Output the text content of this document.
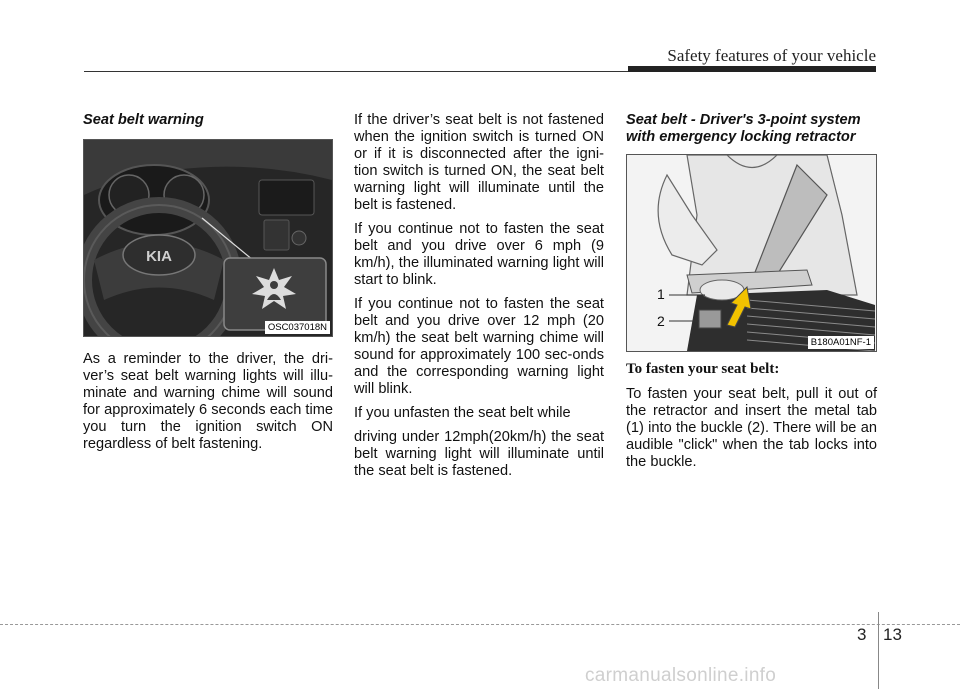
Safety features of your vehicle
Seat belt warning
KIA
OSC037018N

As a reminder to the driver, the dri-ver’s seat belt warning lights will illu-minate and warning chime will sound for approximately 6 seconds each time you turn the ignition switch ON regardless of belt fastening.

If the driver’s seat belt is not fastened when the ignition switch is turned ON or if it is disconnected after the igni-tion switch is turned ON, the seat belt warning light will illuminate until the belt is fastened.

If you continue not to fasten the seat belt and you drive over 6 mph (9 km/h), the illuminated warning light will start to blink.

If you continue not to fasten the seat belt and you drive over 12 mph (20 km/h) the seat belt warning chime will sound for approximately 100 sec-onds and the corresponding warning light will blink.

If you unfasten the seat belt while

driving under 12mph(20km/h) the seat belt warning light will illuminate until the seat belt is fastened.

Seat belt - Driver's 3-point system with emergency locking retractor
1
2
B180A01NF-1
To fasten your seat belt:

To fasten your seat belt, pull it out of the retractor and insert the metal tab (1) into the buckle (2). There will be an audible "click" when the tab locks into the buckle.

3 13
carmanualsonline.info
